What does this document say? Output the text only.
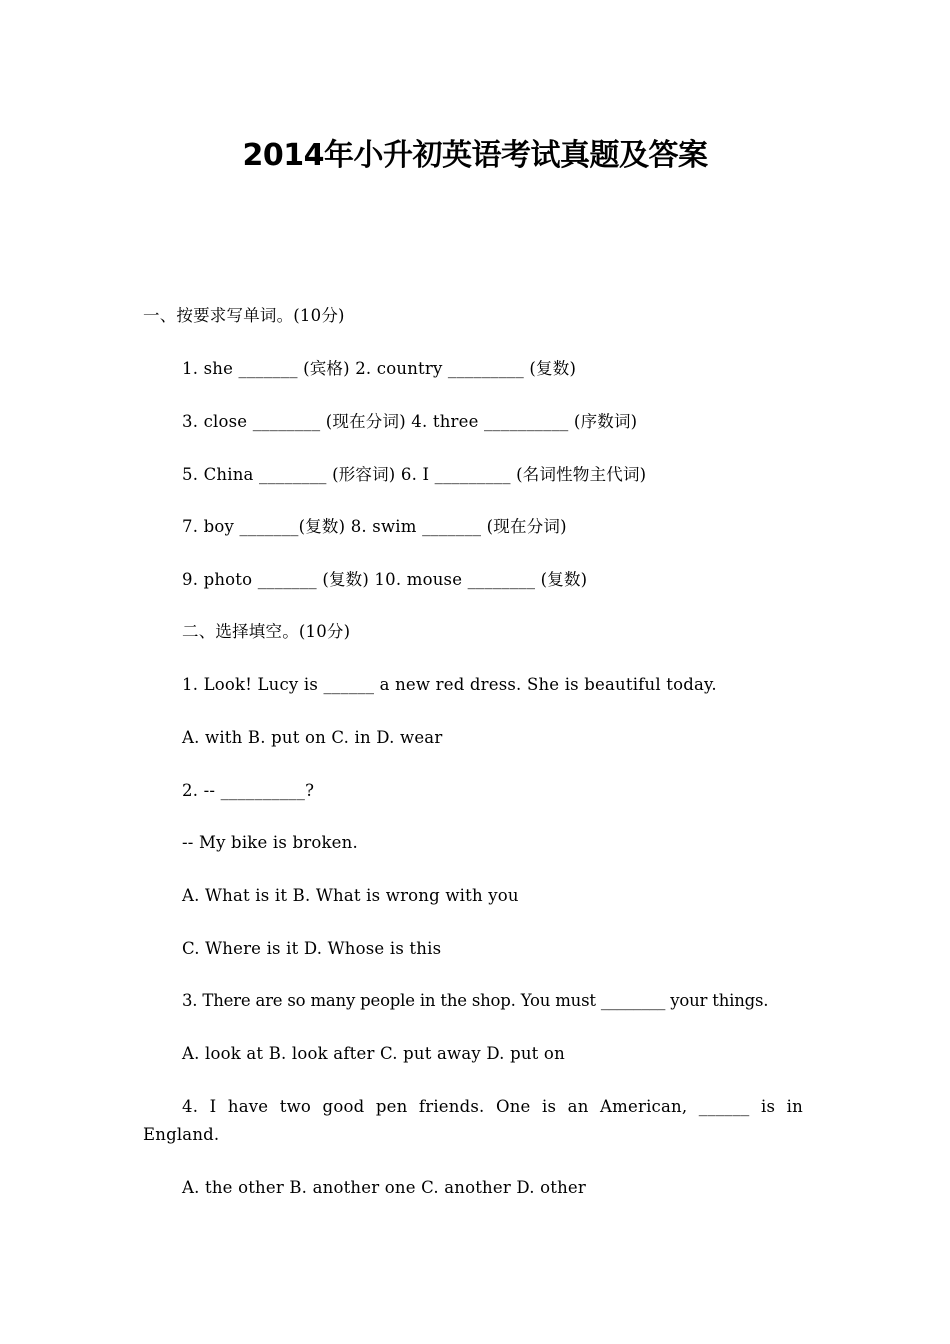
2014年小升初英语考试真题及答案

一、按要求写单词。(10分)

1. she _______ (宾格) 2. country _________ (复数)

3. close ________ (现在分词) 4. three __________ (序数词)

5. China ________ (形容词) 6. I _________ (名词性物主代词)

7. boy _______(复数) 8. swim _______ (现在分词)

9. photo _______ (复数) 10. mouse ________ (复数)

二、选择填空。(10分)

1. Look! Lucy is ______ a new red dress. She is beautiful today.

A. with B. put on C. in D. wear

2. -- __________?

-- My bike is broken.

A. What is it B. What is wrong with you

C. Where is it D. Whose is this

3. There are so many people in the shop. You must ________ your things.

A. look at B. look after C. put away D. put on

4. I have two good pen friends. One is an American, ______ is in England.

A. the other B. another one C. another D. other
